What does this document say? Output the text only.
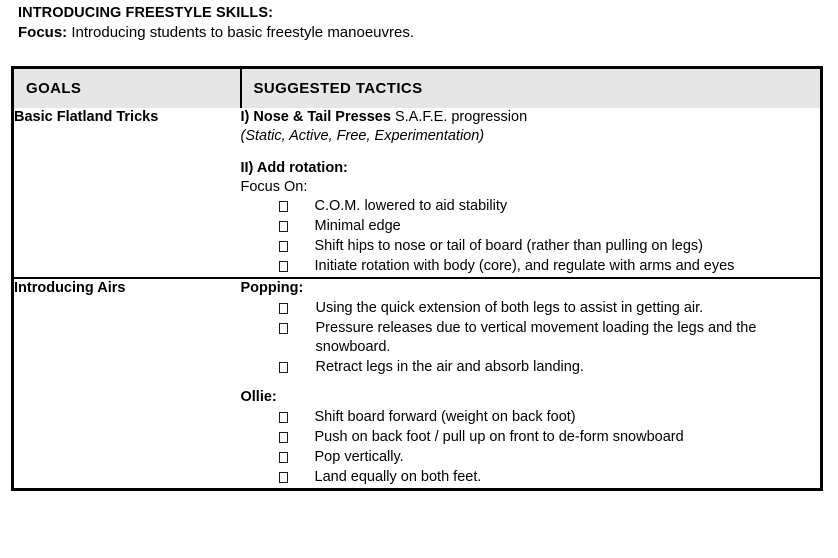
INTRODUCING FREESTYLE SKILLS:
Focus: Introducing students to basic freestyle manoeuvres.
GOALS	SUGGESTED TACTICS

Basic Flatland Tricks	I) Nose & Tail Presses S.A.F.E. progression
(Static, Active, Free, Experimentation)
II) Add rotation:
Focus On:
C.O.M. lowered to aid stability
Minimal edge
Shift hips to nose or tail of board (rather than pulling on legs)
Initiate rotation with body (core), and regulate with arms and eyes

Introducing Airs	Popping:
Using the quick extension of both legs to assist in getting air.
Pressure releases due to vertical movement loading the legs and the snowboard.
Retract legs in the air and absorb landing.
Ollie:
Shift board forward (weight on back foot)
Push on back foot / pull up on front to de-form snowboard
Pop vertically.
Land equally on both feet.
